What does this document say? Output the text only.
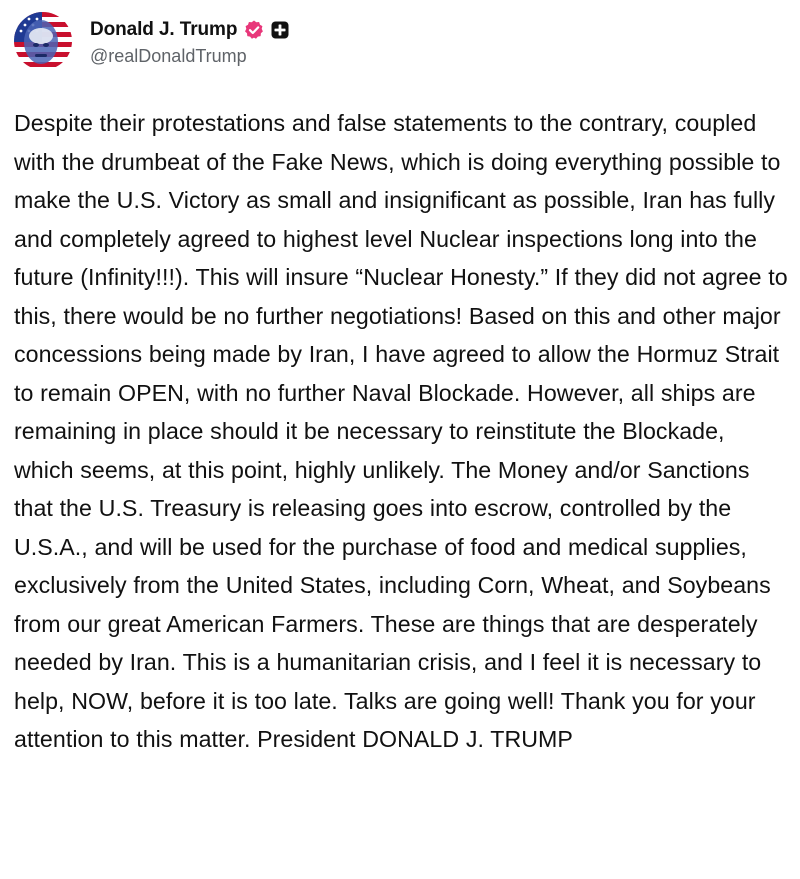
Donald J. Trump
@realDonaldTrump
Despite their protestations and false statements to the contrary, coupled with the drumbeat of the Fake News, which is doing everything possible to make the U.S. Victory as small and insignificant as possible, Iran has fully and completely agreed to highest level Nuclear inspections long into the future (Infinity!!!). This will insure “Nuclear Honesty.” If they did not agree to this, there would be no further negotiations! Based on this and other major concessions being made by Iran, I have agreed to allow the Hormuz Strait to remain OPEN, with no further Naval Blockade. However, all ships are remaining in place should it be necessary to reinstitute the Blockade, which seems, at this point, highly unlikely. The Money and/or Sanctions that the U.S. Treasury is releasing goes into escrow, controlled by the U.S.A., and will be used for the purchase of food and medical supplies, exclusively from the United States, including Corn, Wheat, and Soybeans from our great American Farmers. These are things that are desperately needed by Iran. This is a humanitarian crisis, and I feel it is necessary to help, NOW, before it is too late. Talks are going well! Thank you for your attention to this matter. President DONALD J. TRUMP
